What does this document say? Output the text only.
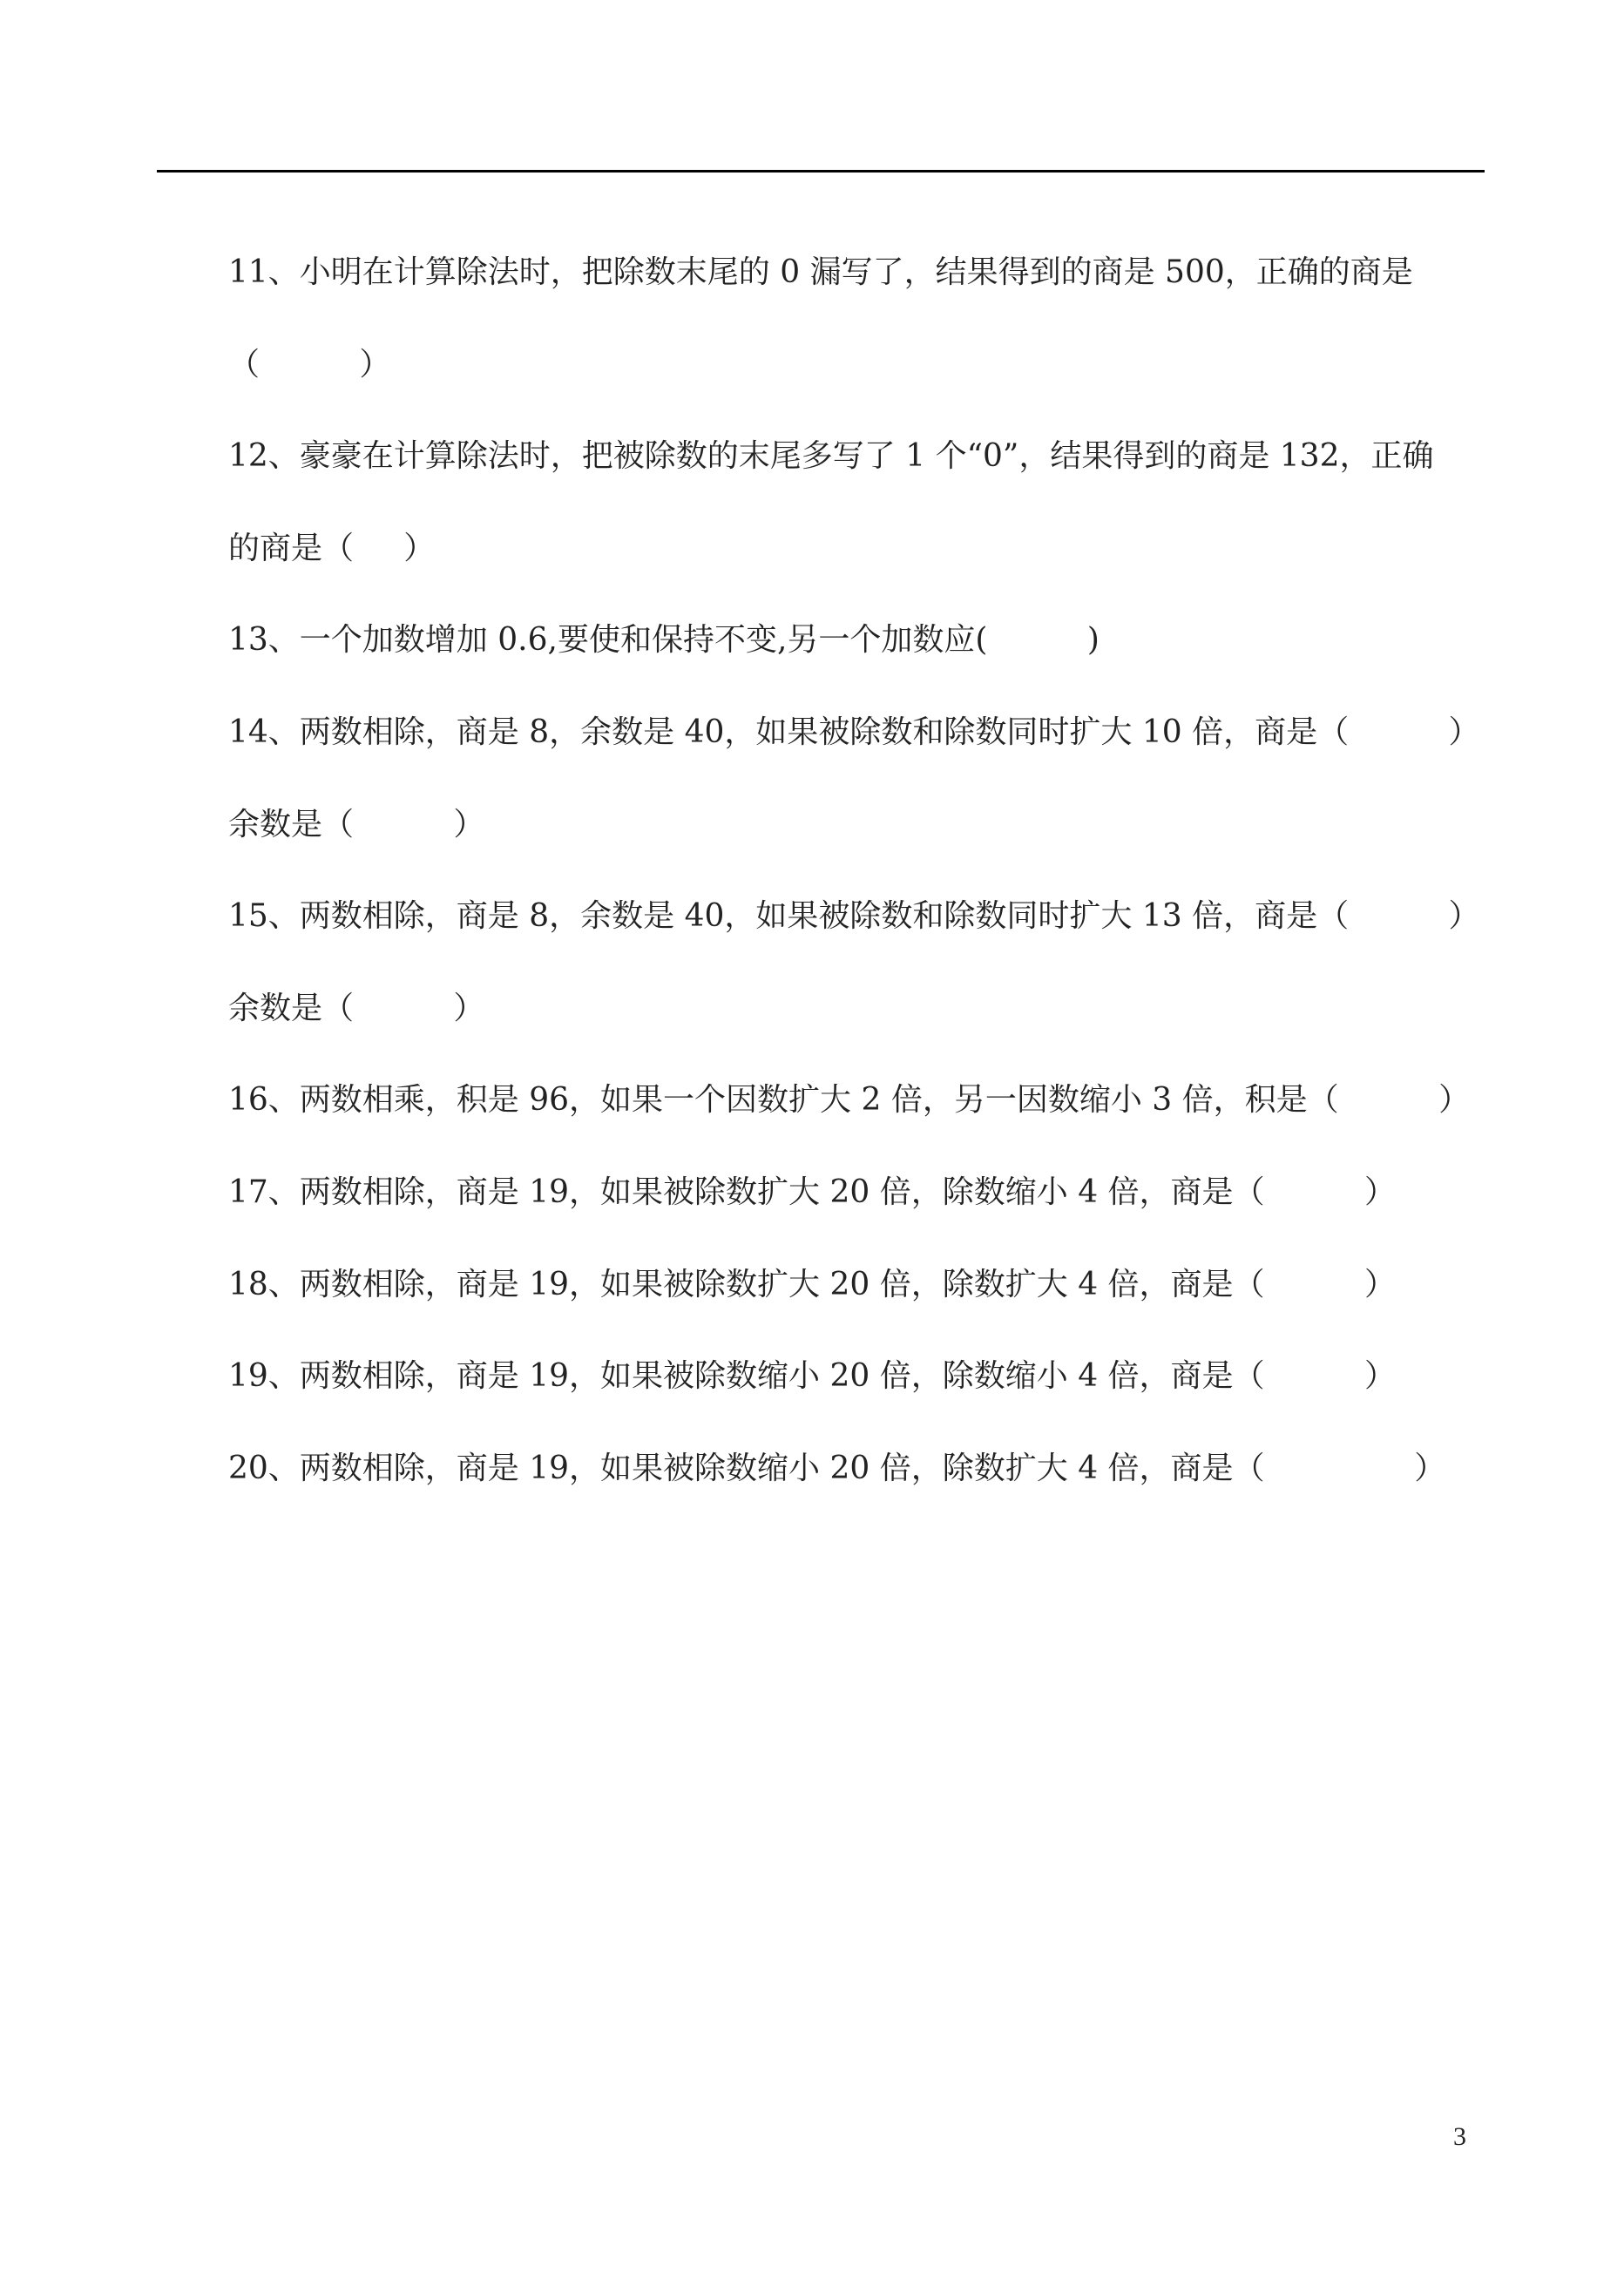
11、小明在计算除法时，把除数末尾的 0 漏写了，结果得到的商是 500，正确的商是

（          ）

12、豪豪在计算除法时，把被除数的末尾多写了 1 个“0”，结果得到的商是 132，正确

的商是（     ）

13、一个加数增加 0.6,要使和保持不变,另一个加数应(          )

14、两数相除，商是 8，余数是 40，如果被除数和除数同时扩大 10 倍，商是（          ）

余数是（          ）

15、两数相除，商是 8，余数是 40，如果被除数和除数同时扩大 13 倍，商是（          ）

余数是（          ）

16、两数相乘，积是 96，如果一个因数扩大 2 倍，另一因数缩小 3 倍，积是（          ）

17、两数相除，商是 19，如果被除数扩大 20 倍，除数缩小 4 倍，商是（          ）

18、两数相除，商是 19，如果被除数扩大 20 倍，除数扩大 4 倍，商是（          ）

19、两数相除，商是 19，如果被除数缩小 20 倍，除数缩小 4 倍，商是（          ）

20、两数相除，商是 19，如果被除数缩小 20 倍，除数扩大 4 倍，商是（               ）

3
